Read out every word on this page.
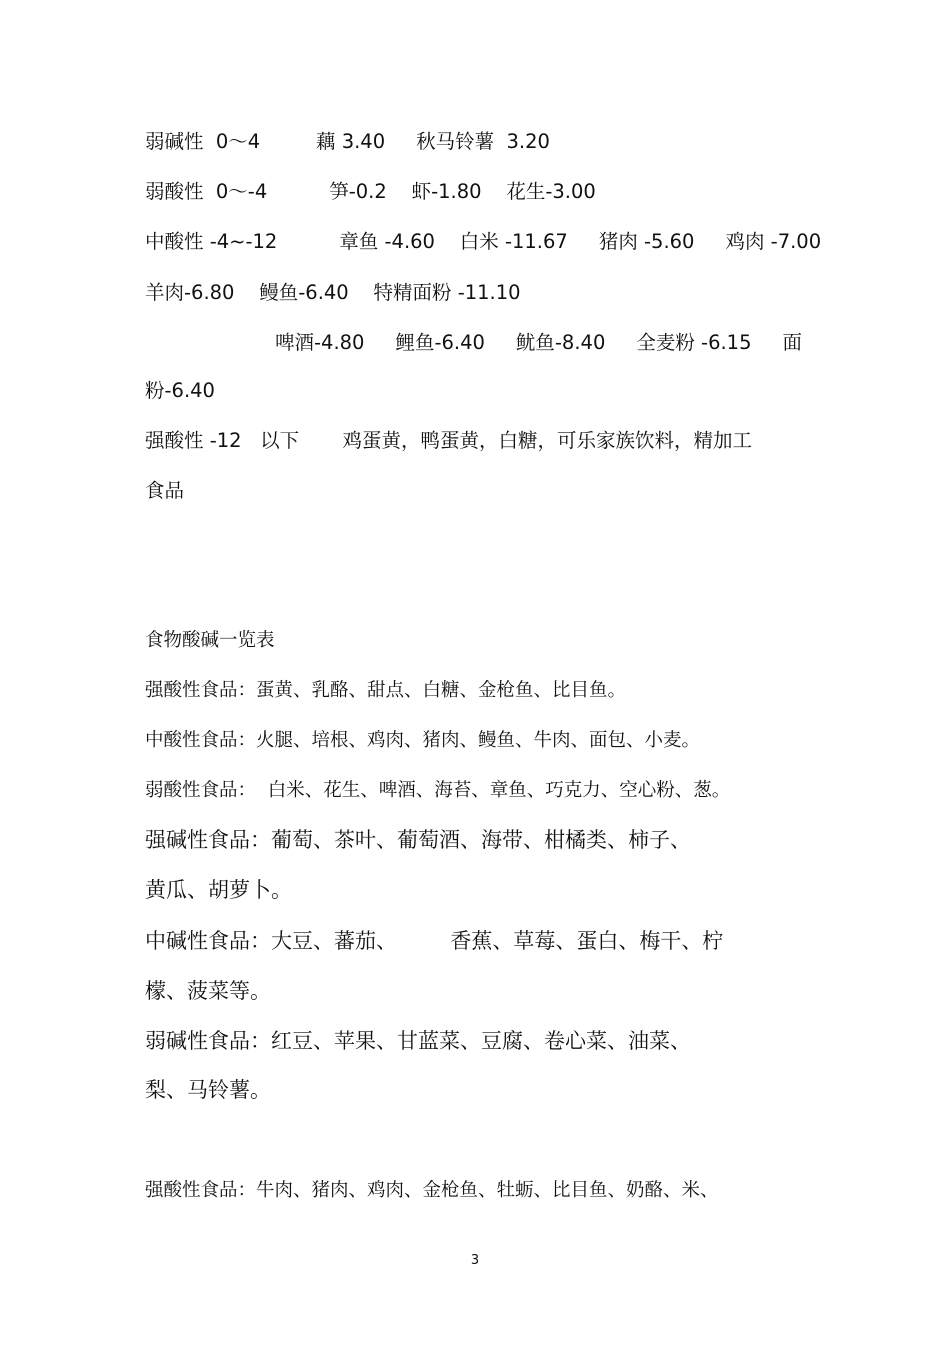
弱碱性  0～4         藕 3.40     秋马铃薯  3.20
弱酸性  0～-4          笋-0.2    虾-1.80    花生-3.00
中酸性 -4~-12          章鱼 -4.60    白米 -11.67     猪肉 -5.60     鸡肉 -7.00
羊肉-6.80    鳗鱼-6.40    特精面粉 -11.10
啤酒-4.80     鲤鱼-6.40     鱿鱼-8.40     全麦粉 -6.15     面
粉-6.40
强酸性 -12   以下       鸡蛋黄，鸭蛋黄，白糖，可乐家族饮料，精加工
食品
食物酸碱一览表
强酸性食品：蛋黄、乳酪、甜点、白糖、金枪鱼、比目鱼。
中酸性食品：火腿、培根、鸡肉、猪肉、鳗鱼、牛肉、面包、小麦。
弱酸性食品：  白米、花生、啤酒、海苔、章鱼、巧克力、空心粉、葱。
强碱性食品：葡萄、茶叶、葡萄酒、海带、柑橘类、柿子、
黄瓜、胡萝卜。
中碱性食品：大豆、蕃茄、        香蕉、草莓、蛋白、梅干、柠
檬、菠菜等。
弱碱性食品：红豆、苹果、甘蓝菜、豆腐、卷心菜、油菜、
梨、马铃薯。
强酸性食品：牛肉、猪肉、鸡肉、金枪鱼、牡蛎、比目鱼、奶酪、米、
3
